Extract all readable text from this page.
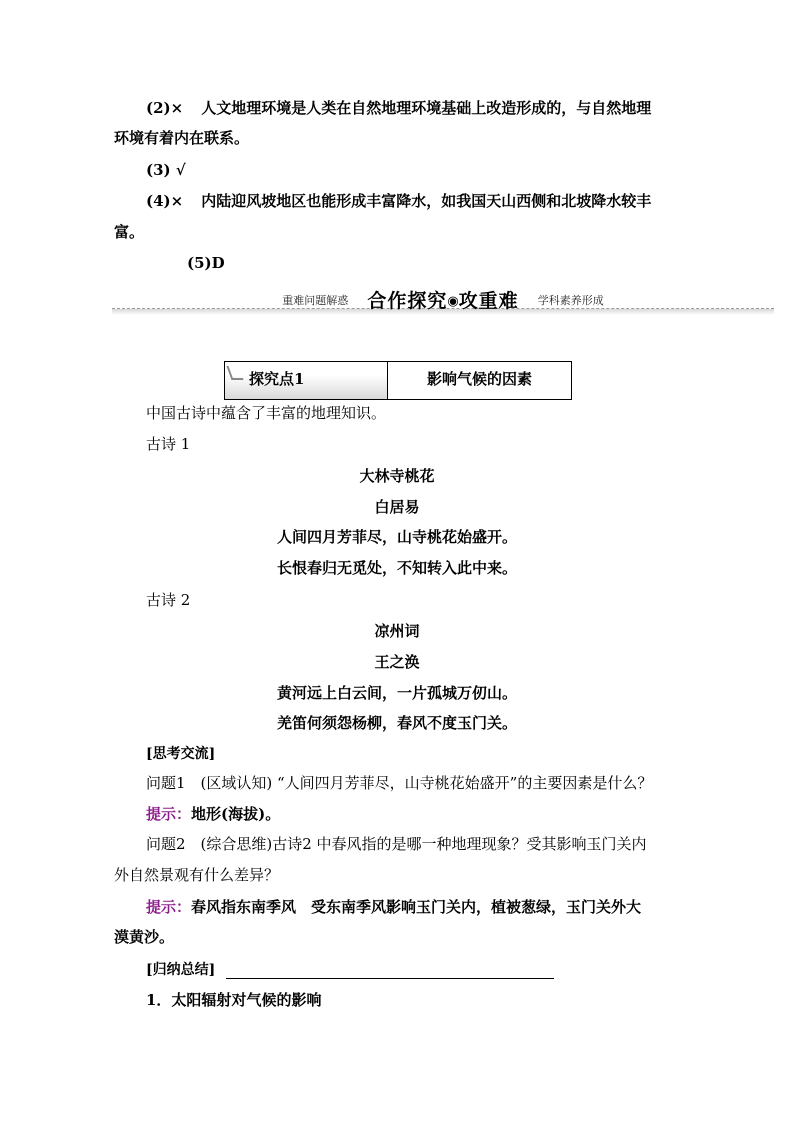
(2)× 人文地理环境是人类在自然地理环境基础上改造形成的，与自然地理
环境有着内在联系。
(3) √
(4)× 内陆迎风坡地区也能形成丰富降水，如我国天山西侧和北坡降水较丰
富。
(5)D
$^{重难问题解惑}$ 合作探究◉攻重难 $^{学科素养形成}$
探究点1	影响气候的因素
中国古诗中蕴含了丰富的地理知识。
古诗 1
大林寺桃花
白居易
人间四月芳菲尽，山寺桃花始盛开。
长恨春归无觅处，不知转入此中来。
古诗 2
凉州词
王之涣
黄河远上白云间，一片孤城万仞山。
羌笛何须怨杨柳，春风不度玉门关。
[思考交流]
问题1　(区域认知) “人间四月芳菲尽，山寺桃花始盛开”的主要因素是什么？
提示：地形(海拔)。
问题2　(综合思维)古诗2 中春风指的是哪一种地理现象？受其影响玉门关内
外自然景观有什么差异？
提示：春风指东南季风　受东南季风影响玉门关内，植被葱绿，玉门关外大
漠黄沙。
[归纳总结]
1．太阳辐射对气候的影响
